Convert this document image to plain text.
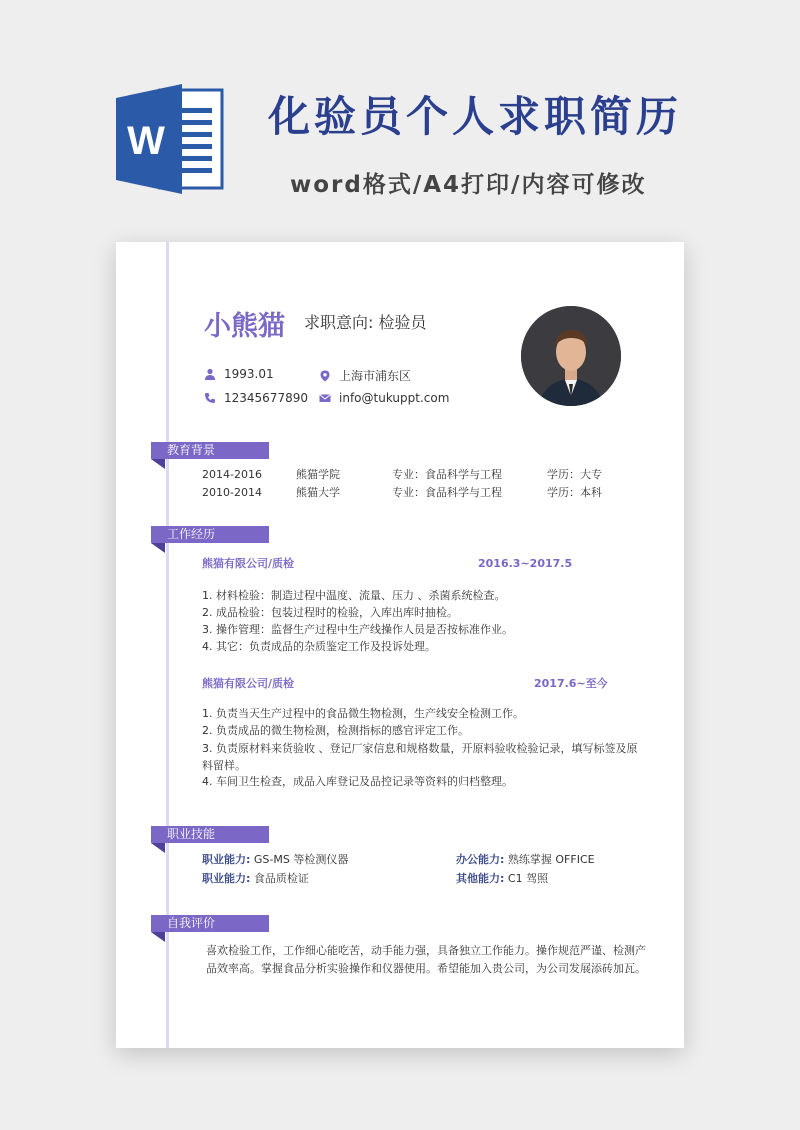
W 化验员个人求职简历
word格式/A4打印/内容可修改
小熊猫 求职意向: 检验员
1993.01	上海市浦东区
12345677890	info@tukuppt.com
教育背景
2014-2016	熊猫学院	专业：食品科学与工程	学历：大专
2010-2014	熊猫大学	专业：食品科学与工程	学历：本科
工作经历
熊猫有限公司/质检	2016.3~2017.5
1. 材料检验：制造过程中温度、流量、压力 、杀菌系统检查。
2. 成品检验：包装过程时的检验，入库出库时抽检。
3. 操作管理：监督生产过程中生产线操作人员是否按标准作业。
4. 其它：负责成品的杂质鉴定工作及投诉处理。
熊猫有限公司/质检	2017.6~至今
1. 负责当天生产过程中的食品微生物检测，生产线安全检测工作。
2. 负责成品的微生物检测，检测指标的感官评定工作。
3. 负责原材料来货验收 、登记厂家信息和规格数量，开原料验收检验记录，填写标签及原料留样。
4. 车间卫生检查，成品入库登记及品控记录等资料的归档整理。
职业技能
职业能力: GS-MS 等检测仪器	办公能力: 熟练掌握 OFFICE
职业能力: 食品质检证	其他能力: C1 驾照
自我评价
喜欢检验工作，工作细心能吃苦，动手能力强，具备独立工作能力。操作规范严谨、检测产品效率高。掌握食品分析实验操作和仪器使用。希望能加入贵公司，为公司发展添砖加瓦。
